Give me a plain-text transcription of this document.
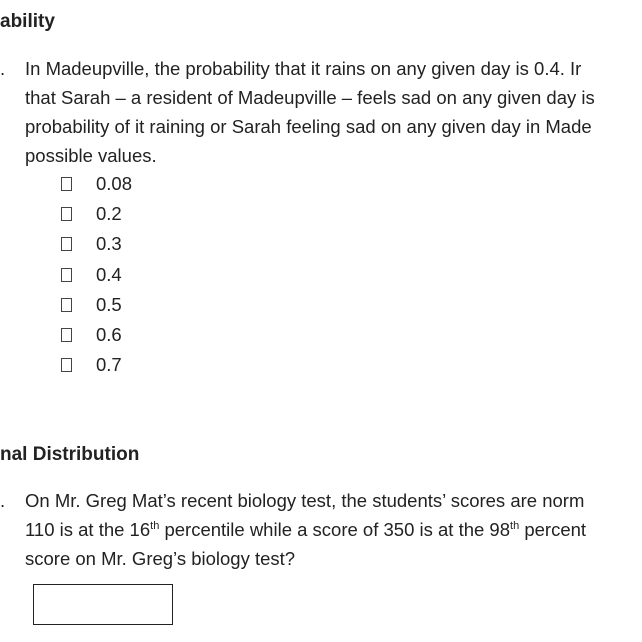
ability
. In Madeupville, the probability that it rains on any given day is 0.4. Ir
that Sarah – a resident of Madeupville – feels sad on any given day is
probability of it raining or Sarah feeling sad on any given day in Made
possible values.
0.08
0.2
0.3
0.4
0.5
0.6
0.7
nal Distribution
. On Mr. Greg Mat’s recent biology test, the students’ scores are norm
110 is at the 16th percentile while a score of 350 is at the 98th percent
score on Mr. Greg’s biology test?
